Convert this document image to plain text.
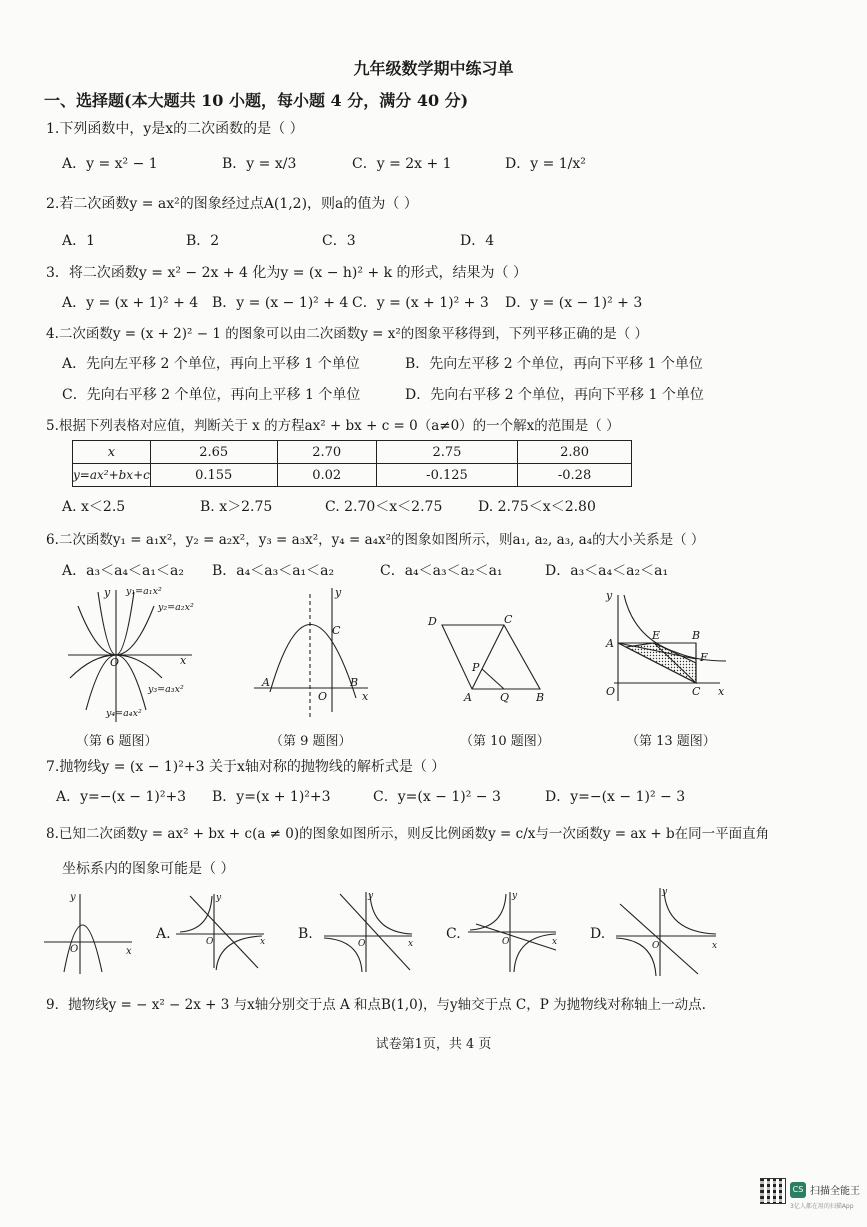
九年级数学期中练习单
一、选择题(本大题共 10 小题，每小题 4 分，满分 40 分)
1.下列函数中，y是x的二次函数的是（ ）
A．y = x² − 1	B．y = x/3	C．y = 2x + 1	D．y = 1/x²
2.若二次函数y = ax²的图象经过点A(1,2)，则a的值为（ ）
A．1	B．2	C．3	D．4
3．将二次函数y = x² − 2x + 4 化为y = (x − h)² + k 的形式，结果为（ ）
A．y = (x + 1)² + 4 B．y = (x − 1)² + 4 C．y = (x + 1)² + 3 D．y = (x − 1)² + 3
4.二次函数y = (x + 2)² − 1 的图象可以由二次函数y = x²的图象平移得到，下列平移正确的是（ ）
A．先向左平移 2 个单位，再向上平移 1 个单位	B．先向左平移 2 个单位，再向下平移 1 个单位
C．先向右平移 2 个单位，再向上平移 1 个单位	D．先向右平移 2 个单位，再向下平移 1 个单位
5.根据下列表格对应值，判断关于 x 的方程ax² + bx + c = 0（a≠0）的一个解x的范围是（ ）
x	2.65	2.70	2.75	2.80
y=ax²+bx+c	0.155	0.02	-0.125	-0.28
A. x＜2.5	B. x＞2.75	C. 2.70＜x＜2.75	D. 2.75＜x＜2.80
6.二次函数y₁ = a₁x²，y₂ = a₂x²，y₃ = a₃x²，y₄ = a₄x²的图象如图所示，则a₁, a₂, a₃, a₄的大小关系是（ ）
A．a₃＜a₄＜a₁＜a₂ B．a₄＜a₃＜a₁＜a₂	C．a₄＜a₃＜a₂＜a₁	D．a₃＜a₄＜a₂＜a₁
y
x
O
y₁=a₁x²
y₂=a₂x²
y₃=a₃x²
y₄=a₄x²
（第 6 题图）
y
x
O
A	B
C
（第 9 题图）
D	C
A	B
P
Q
（第 10 题图）
y
x
O
A
B
C
E
F
（第 13 题图）
7.抛物线y = (x − 1)²+3 关于x轴对称的抛物线的解析式是（ ）
A．y=−(x − 1)²+3 B．y=(x + 1)²+3	C．y=(x − 1)² − 3	D．y=−(x − 1)² − 3
8.已知二次函数y = ax² + bx + c(a ≠ 0)的图象如图所示，则反比例函数y = c/x与一次函数y = ax + b在同一平面直角
坐标系内的图象可能是（ ）
y
x
O
A.
y
x
O	B.
y
x
O
C.
y
x
O	D.
y
x
O
9．抛物线y = − x² − 2x + 3 与x轴分别交于点 A 和点B(1,0)，与y轴交于点 C，P 为抛物线对称轴上一动点.
试卷第1页，共 4 页
CS 扫描全能王
3亿人都在用的扫描App
